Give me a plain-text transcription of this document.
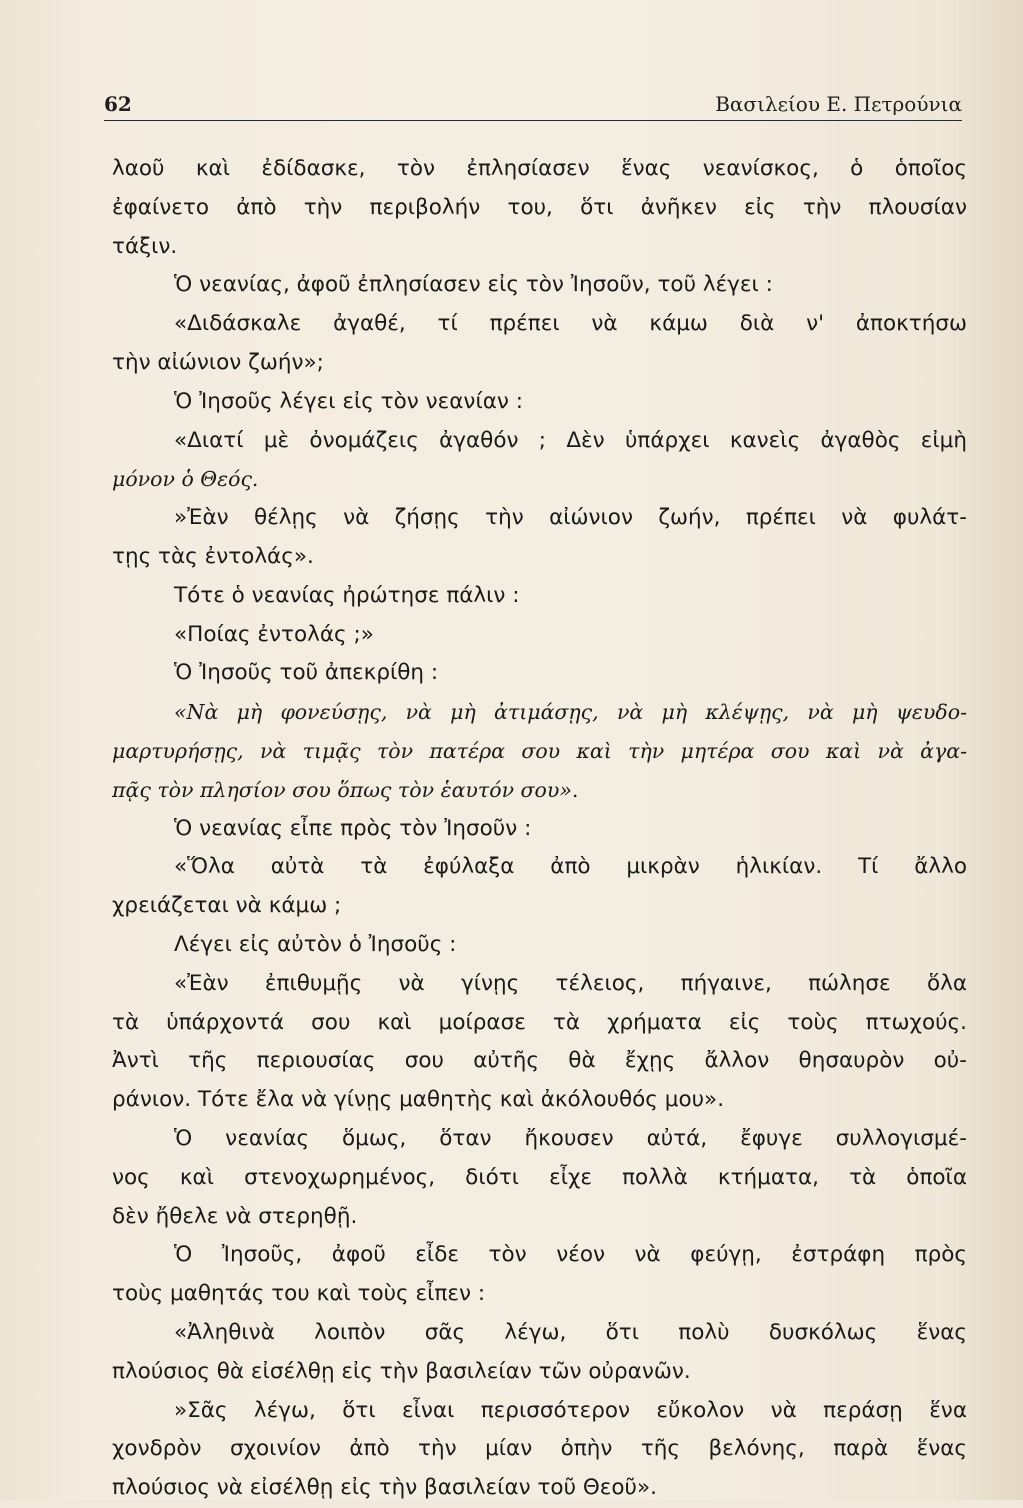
62	Βασιλείου Ε. Πετρούνια
λαοῦ καὶ ἐδίδασκε, τὸν ἐπλησίασεν ἕνας νεανίσκος, ὁ ὁποῖος
ἐφαίνετο ἀπὸ τὴν περιβολήν του, ὅτι ἀνῆκεν εἰς τὴν πλουσίαν
τάξιν.
Ὁ νεανίας, ἀφοῦ ἐπλησίασεν εἰς τὸν Ἰησοῦν, τοῦ λέγει :
«Διδάσκαλε ἀγαθέ, τί πρέπει νὰ κάμω διὰ ν' ἀποκτήσω
τὴν αἰώνιον ζωήν»;
Ὁ Ἰησοῦς λέγει εἰς τὸν νεανίαν :
«Διατί μὲ ὀνομάζεις ἀγαθόν ; Δὲν ὑπάρχει κανεὶς ἀγαθὸς εἰμὴ
μόνον ὁ Θεός.
»Ἐὰν θέλῃς νὰ ζήσῃς τὴν αἰώνιον ζωήν, πρέπει νὰ φυλάτ-
τῃς τὰς ἐντολάς».
Τότε ὁ νεανίας ἠρώτησε πάλιν :
«Ποίας ἐντολάς ;»
Ὁ Ἰησοῦς τοῦ ἀπεκρίθη :
«Νὰ μὴ φονεύσῃς, νὰ μὴ ἀτιμάσῃς, νὰ μὴ κλέψῃς, νὰ μὴ ψευδο-
μαρτυρήσῃς, νὰ τιμᾷς τὸν πατέρα σου καὶ τὴν μητέρα σου καὶ νὰ ἀγα-
πᾷς τὸν πλησίον σου ὅπως τὸν ἑαυτόν σου».
Ὁ νεανίας εἶπε πρὸς τὸν Ἰησοῦν :
«Ὅλα αὐτὰ τὰ ἐφύλαξα ἀπὸ μικρὰν ἡλικίαν. Τί ἄλλο
χρειάζεται νὰ κάμω ;
Λέγει εἰς αὐτὸν ὁ Ἰησοῦς :
«Ἐὰν ἐπιθυμῇς νὰ γίνῃς τέλειος, πήγαινε, πώλησε ὅλα
τὰ ὑπάρχοντά σου καὶ μοίρασε τὰ χρήματα εἰς τοὺς πτωχούς.
Ἀντὶ τῆς περιουσίας σου αὐτῆς θὰ ἔχῃς ἄλλον θησαυρὸν οὐ-
ράνιον. Τότε ἔλα νὰ γίνῃς μαθητὴς καὶ ἀκόλουθός μου».
Ὁ νεανίας ὅμως, ὅταν ἤκουσεν αὐτά, ἔφυγε συλλογισμέ-
νος καὶ στενοχωρημένος, διότι εἶχε πολλὰ κτήματα, τὰ ὁποῖα
δὲν ἤθελε νὰ στερηθῇ.
Ὁ Ἰησοῦς, ἀφοῦ εἶδε τὸν νέον νὰ φεύγῃ, ἐστράφη πρὸς
τοὺς μαθητάς του καὶ τοὺς εἶπεν :
«Ἀληθινὰ λοιπὸν σᾶς λέγω, ὅτι πολὺ δυσκόλως ἕνας
πλούσιος θὰ εἰσέλθῃ εἰς τὴν βασιλείαν τῶν οὐρανῶν.
»Σᾶς λέγω, ὅτι εἶναι περισσότερον εὔκολον νὰ περάσῃ ἕνα
χονδρὸν σχοινίον ἀπὸ τὴν μίαν ὀπὴν τῆς βελόνης, παρὰ ἕνας
πλούσιος νὰ εἰσέλθῃ εἰς τὴν βασιλείαν τοῦ Θεοῦ».
